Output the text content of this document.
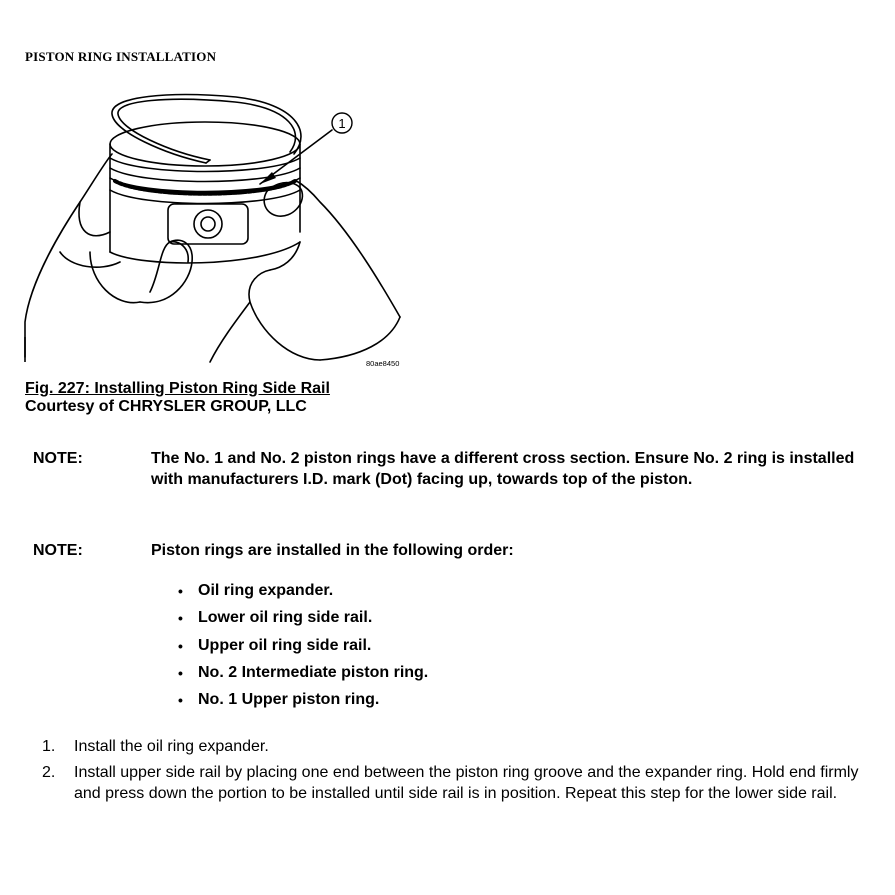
PISTON RING INSTALLATION
1
80ae8450
Fig. 227: Installing Piston Ring Side Rail
Courtesy of CHRYSLER GROUP, LLC
NOTE:	The No. 1 and No. 2 piston rings have a different cross section. Ensure No. 2 ring is installed with manufacturers I.D. mark (Dot) facing up, towards top of the piston.
NOTE:	Piston rings are installed in the following order:
• Oil ring expander.
• Lower oil ring side rail.
• Upper oil ring side rail.
• No. 2 Intermediate piston ring.
• No. 1 Upper piston ring.
1.	Install the oil ring expander.
2.	Install upper side rail by placing one end between the piston ring groove and the expander ring. Hold end firmly and press down the portion to be installed until side rail is in position. Repeat this step for the lower side rail.
